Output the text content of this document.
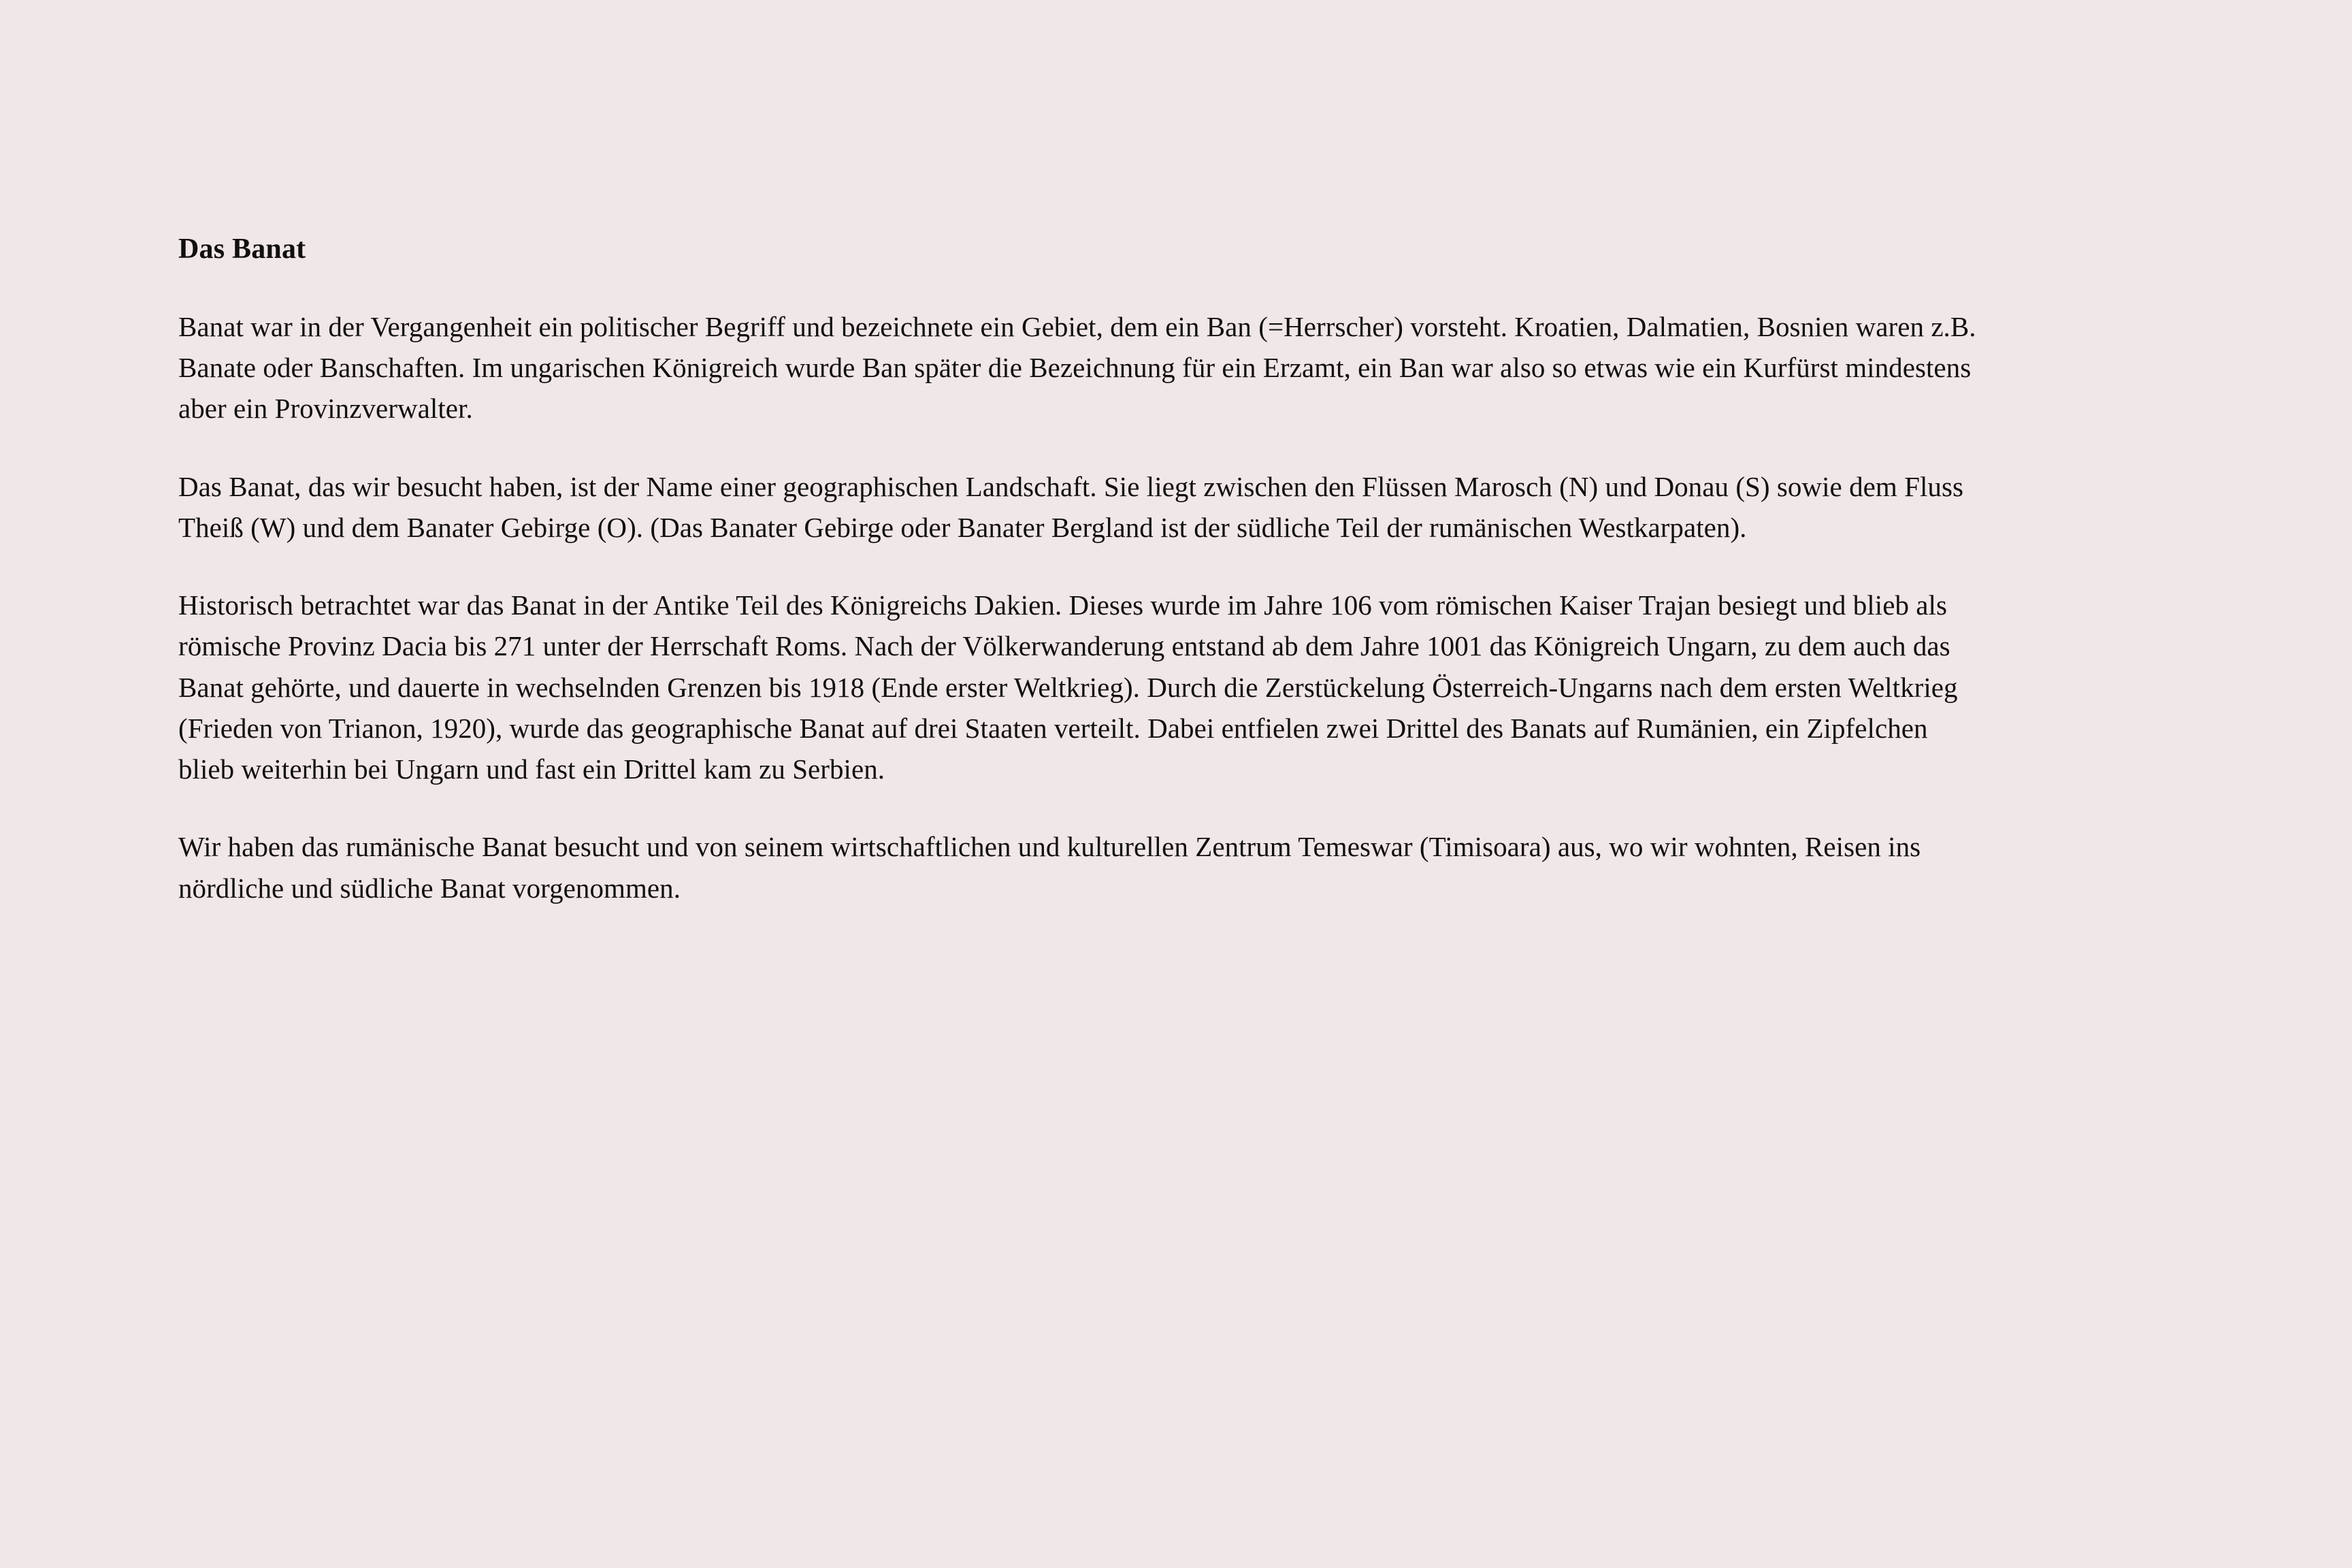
Das Banat

Banat war in der Vergangenheit ein politischer Begriff und bezeichnete ein Gebiet, dem ein Ban (=Herrscher) vorsteht. Kroatien, Dalmatien, Bosnien waren z.B. Banate oder Banschaften. Im ungarischen Königreich wurde Ban später die Bezeichnung für ein Erzamt, ein Ban war also so etwas wie ein Kurfürst mindestens aber ein Provinzverwalter.

Das Banat, das wir besucht haben, ist der Name einer geographischen Landschaft. Sie liegt zwischen den Flüssen Marosch (N) und Donau (S) sowie dem Fluss Theiß (W) und dem Banater Gebirge (O). (Das Banater Gebirge oder Banater Bergland ist der südliche Teil der rumänischen Westkarpaten).

Historisch betrachtet war das Banat in der Antike Teil des Königreichs Dakien. Dieses wurde im Jahre 106 vom römischen Kaiser Trajan besiegt und blieb als römische Provinz Dacia bis 271 unter der Herrschaft Roms. Nach der Völkerwanderung entstand ab dem Jahre 1001 das Königreich Ungarn, zu dem auch das Banat gehörte, und dauerte in wechselnden Grenzen bis 1918 (Ende erster Weltkrieg). Durch die Zerstückelung Österreich-Ungarns nach dem ersten Weltkrieg (Frieden von Trianon, 1920), wurde das geographische Banat auf drei Staaten verteilt. Dabei entfielen zwei Drittel des Banats auf Rumänien, ein Zipfelchen blieb weiterhin bei Ungarn und fast ein Drittel kam zu Serbien.

Wir haben das rumänische Banat besucht und von seinem wirtschaftlichen und kulturellen Zentrum Temeswar (Timisoara) aus, wo wir wohnten, Reisen ins nördliche und südliche Banat vorgenommen.
